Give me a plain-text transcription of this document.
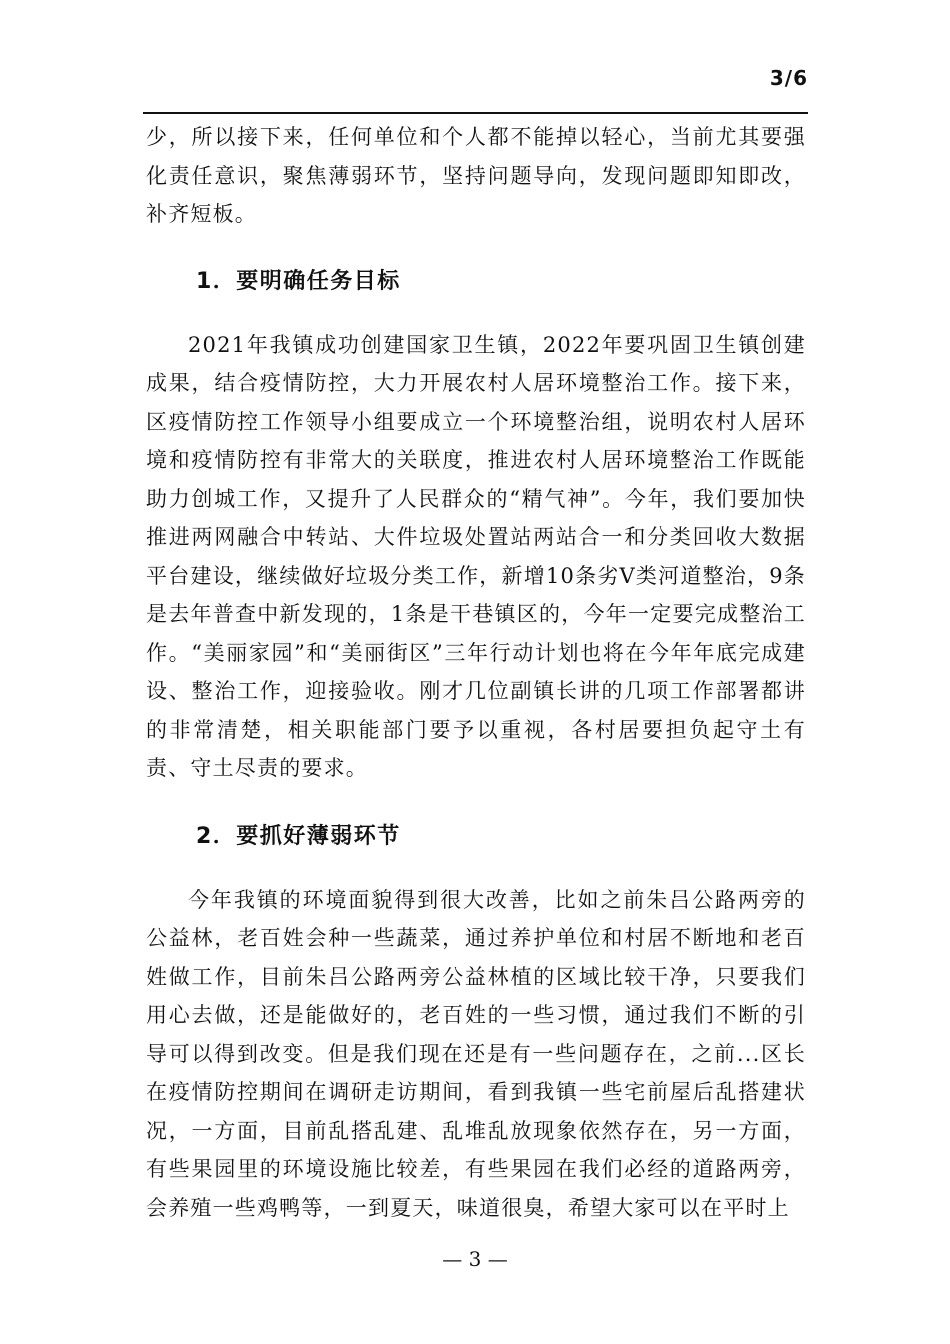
3/6

少，所以接下来，任何单位和个人都不能掉以轻心，当前尤其要强化责任意识，聚焦薄弱环节，坚持问题导向，发现问题即知即改，补齐短板。

1．要明确任务目标

2021年我镇成功创建国家卫生镇，2022年要巩固卫生镇创建成果，结合疫情防控，大力开展农村人居环境整治工作。接下来，区疫情防控工作领导小组要成立一个环境整治组，说明农村人居环境和疫情防控有非常大的关联度，推进农村人居环境整治工作既能助力创城工作，又提升了人民群众的“精气神”。今年，我们要加快推进两网融合中转站、大件垃圾处置站两站合一和分类回收大数据平台建设，继续做好垃圾分类工作，新增10条劣V类河道整治，9条是去年普查中新发现的，1条是干巷镇区的，今年一定要完成整治工作。“美丽家园”和“美丽街区”三年行动计划也将在今年年底完成建设、整治工作，迎接验收。刚才几位副镇长讲的几项工作部署都讲的非常清楚，相关职能部门要予以重视，各村居要担负起守土有责、守土尽责的要求。

2．要抓好薄弱环节

今年我镇的环境面貌得到很大改善，比如之前朱吕公路两旁的公益林，老百姓会种一些蔬菜，通过养护单位和村居不断地和老百姓做工作，目前朱吕公路两旁公益林植的区域比较干净，只要我们用心去做，还是能做好的，老百姓的一些习惯，通过我们不断的引导可以得到改变。但是我们现在还是有一些问题存在，之前...区长在疫情防控期间在调研走访期间，看到我镇一些宅前屋后乱搭建状况，一方面，目前乱搭乱建、乱堆乱放现象依然存在，另一方面，有些果园里的环境设施比较差，有些果园在我们必经的道路两旁，会养殖一些鸡鸭等，一到夏天，味道很臭，希望大家可以在平时上

— 3 —
